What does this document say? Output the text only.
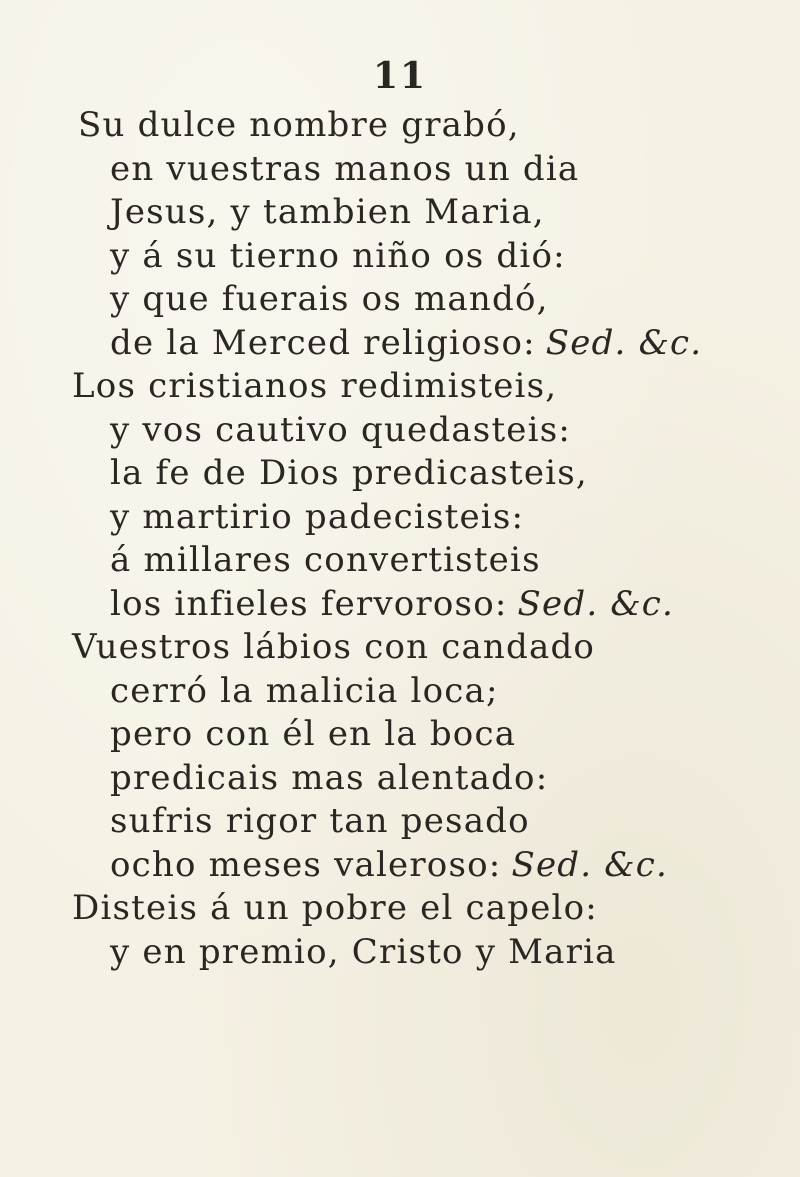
11
Su dulce nombre grabó,
en vuestras manos un dia
Jesus, y tambien Maria,
y á su tierno niño os dió:
y que fuerais os mandó,
de la Merced religioso: Sed. &c.
Los cristianos redimisteis,
y vos cautivo quedasteis:
la fe de Dios predicasteis,
y martirio padecisteis:
á millares convertisteis
los infieles fervoroso: Sed. &c.
Vuestros lábios con candado
cerró la malicia loca;
pero con él en la boca
predicais mas alentado:
sufris rigor tan pesado
ocho meses valeroso: Sed. &c.
Disteis á un pobre el capelo:
y en premio, Cristo y Maria
